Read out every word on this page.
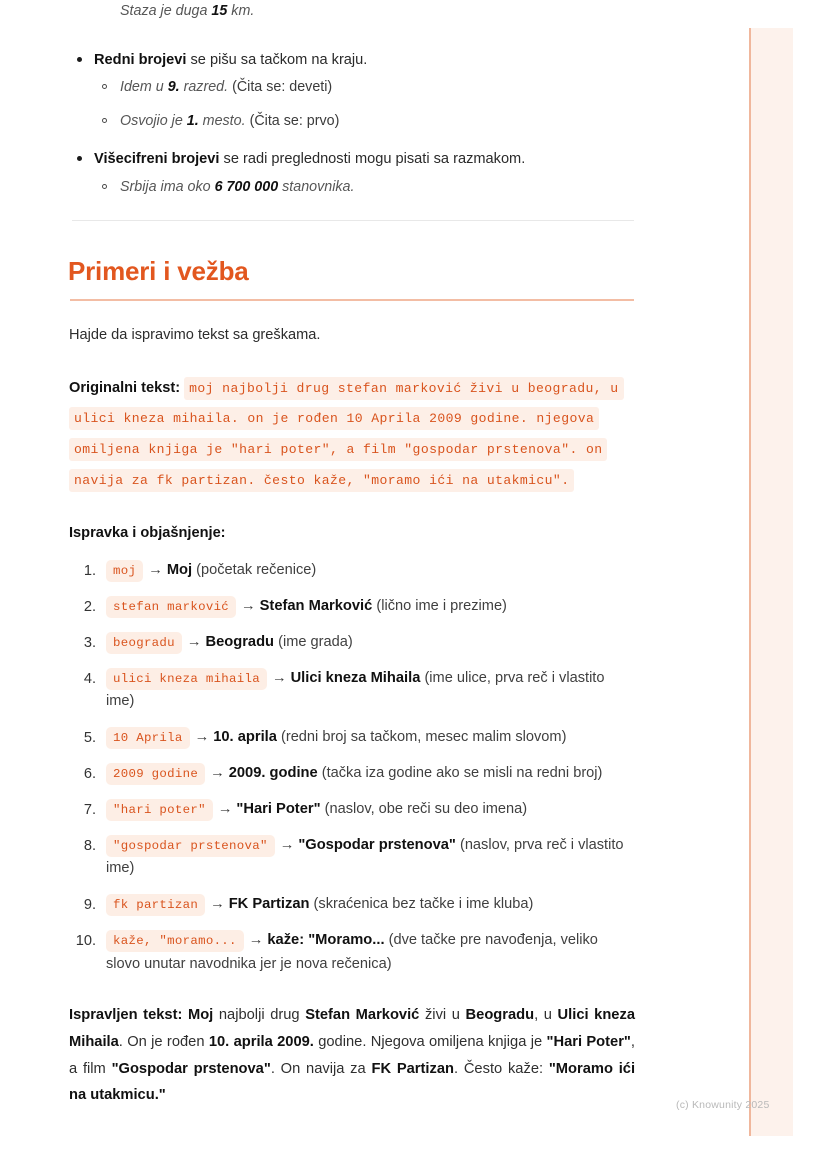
(c) Knowunity 2025
Staza je duga 15 km.
Redni brojevi se pišu sa tačkom na kraju.
Idem u 9. razred. (Čita se: deveti)
Osvojio je 1. mesto. (Čita se: prvo)
Višecifreni brojevi se radi preglednosti mogu pisati sa razmakom.
Srbija ima oko 6 700 000 stanovnika.
Primeri i vežba

Hajde da ispravimo tekst sa greškama.

Originalni tekst: moj najbolji drug stefan marković živi u beogradu, u ulici kneza mihaila. on je rođen 10 Aprila 2009 godine. njegova omiljena knjiga je "hari poter", a film "gospodar prstenova". on navija za fk partizan. često kaže, "moramo ići na utakmicu".
Ispravka i objašnjenje:
moj → Moj (početak rečenice)
stefan marković → Stefan Marković (lično ime i prezime)
beogradu → Beogradu (ime grada)
ulici kneza mihaila → Ulici kneza Mihaila (ime ulice, prva reč i vlastito ime)
10 Aprila → 10. aprila (redni broj sa tačkom, mesec malim slovom)
2009 godine → 2009. godine (tačka iza godine ako se misli na redni broj)
"hari poter" → "Hari Poter" (naslov, obe reči su deo imena)
"gospodar prstenova" → "Gospodar prstenova" (naslov, prva reč i vlastito ime)
fk partizan → FK Partizan (skraćenica bez tačke i ime kluba)
kaže, "moramo... → kaže: "Moramo... (dve tačke pre navođenja, veliko slovo unutar navodnika jer je nova rečenica)

Ispravljen tekst: Moj najbolji drug Stefan Marković živi u Beogradu, u Ulici kneza Mihaila. On je rođen 10. aprila 2009. godine. Njegova omiljena knjiga je "Hari Poter", a film "Gospodar prstenova". On navija za FK Partizan. Često kaže: "Moramo ići na utakmicu."
